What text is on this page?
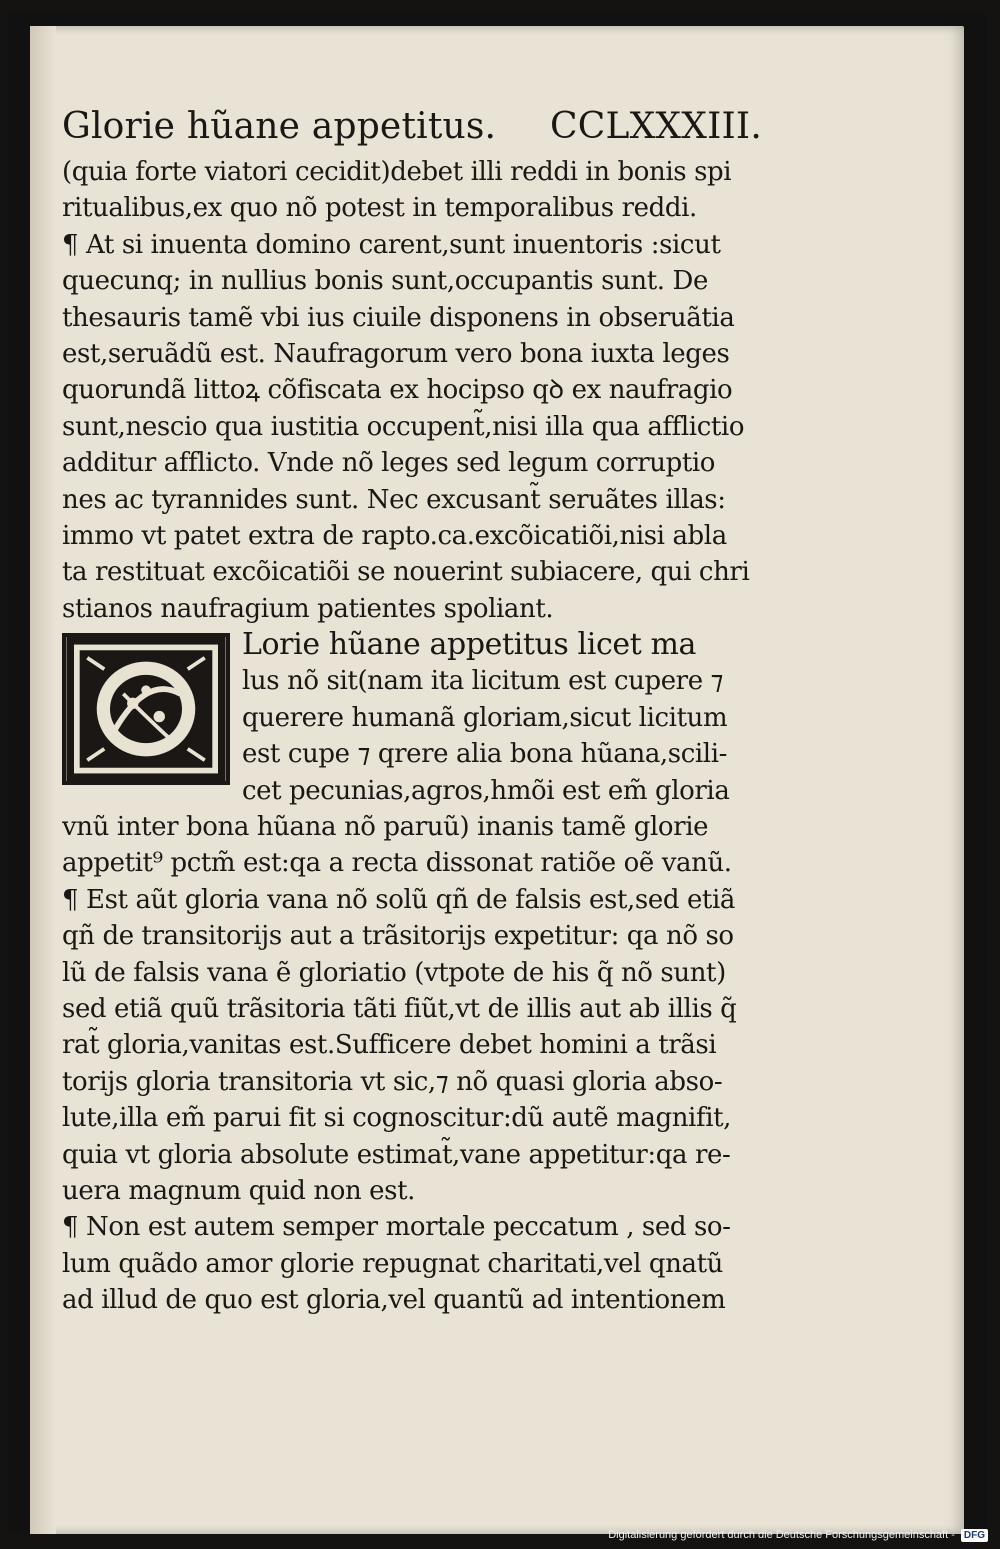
Glorie hũane appetitus. CCLXXXIII.
(quia forte viatori cecidit)debet illi reddi in bonis spi
ritualibus,ex quo nõ potest in temporalibus reddi.
¶ At si inuenta domino carent,sunt inuentoris :sicut
quecunq; in nullius bonis sunt,occupantis sunt. De
thesauris tamẽ vbi ius ciuile disponens in obseruãtia
est,seruãdũ est. Naufragorum vero bona iuxta leges
quorundã littoꝝ cõfiscata ex hocipso qꝺ ex naufragio
sunt,nescio qua iustitia occupent̃,nisi illa qua afflictio
additur afflicto. Vnde nõ leges sed legum corruptio
nes ac tyrannides sunt. Nec excusant̃ seruãtes illas:
immo vt patet extra de rapto.ca.excõicatiõi,nisi abla
ta restituat excõicatiõi se nouerint subiacere, qui chri
stianos naufragium patientes spoliant.
Lorie hũane appetitus licet ma
lus nõ sit(nam ita licitum est cupere ⁊
querere humanã gloriam,sicut licitum
est cupe ⁊ qrere alia bona hũana,scili-
cet pecunias,agros,hmõi est em̃ gloria
vnũ inter bona hũana nõ paruũ) inanis tamẽ glorie
appetit⁹ pctm̃ est:qa a recta dissonat ratiõe oẽ vanũ.
¶ Est aũt gloria vana nõ solũ qñ de falsis est,sed etiã
qñ de transitorijs aut a trãsitorijs expetitur: qa nõ so
lũ de falsis vana ẽ gloriatio (vtpote de his q̃ nõ sunt)
sed etiã quũ trãsitoria tãti fiũt,vt de illis aut ab illis q̃
rat̃ gloria,vanitas est.Sufficere debet homini a trãsi
torijs gloria transitoria vt sic,⁊ nõ quasi gloria abso-
lute,illa em̃ parui fit si cognoscitur:dũ autẽ magnifit,
quia vt gloria absolute estimat̃,vane appetitur:qa re-
uera magnum quid non est.
¶ Non est autem semper mortale peccatum , sed so-
lum quãdo amor glorie repugnat charitati,vel qnatũ
ad illud de quo est gloria,vel quantũ ad intentionem
Digitalisierung gefördert durch die Deutsche Forschungsgemeinschaft - DFG
